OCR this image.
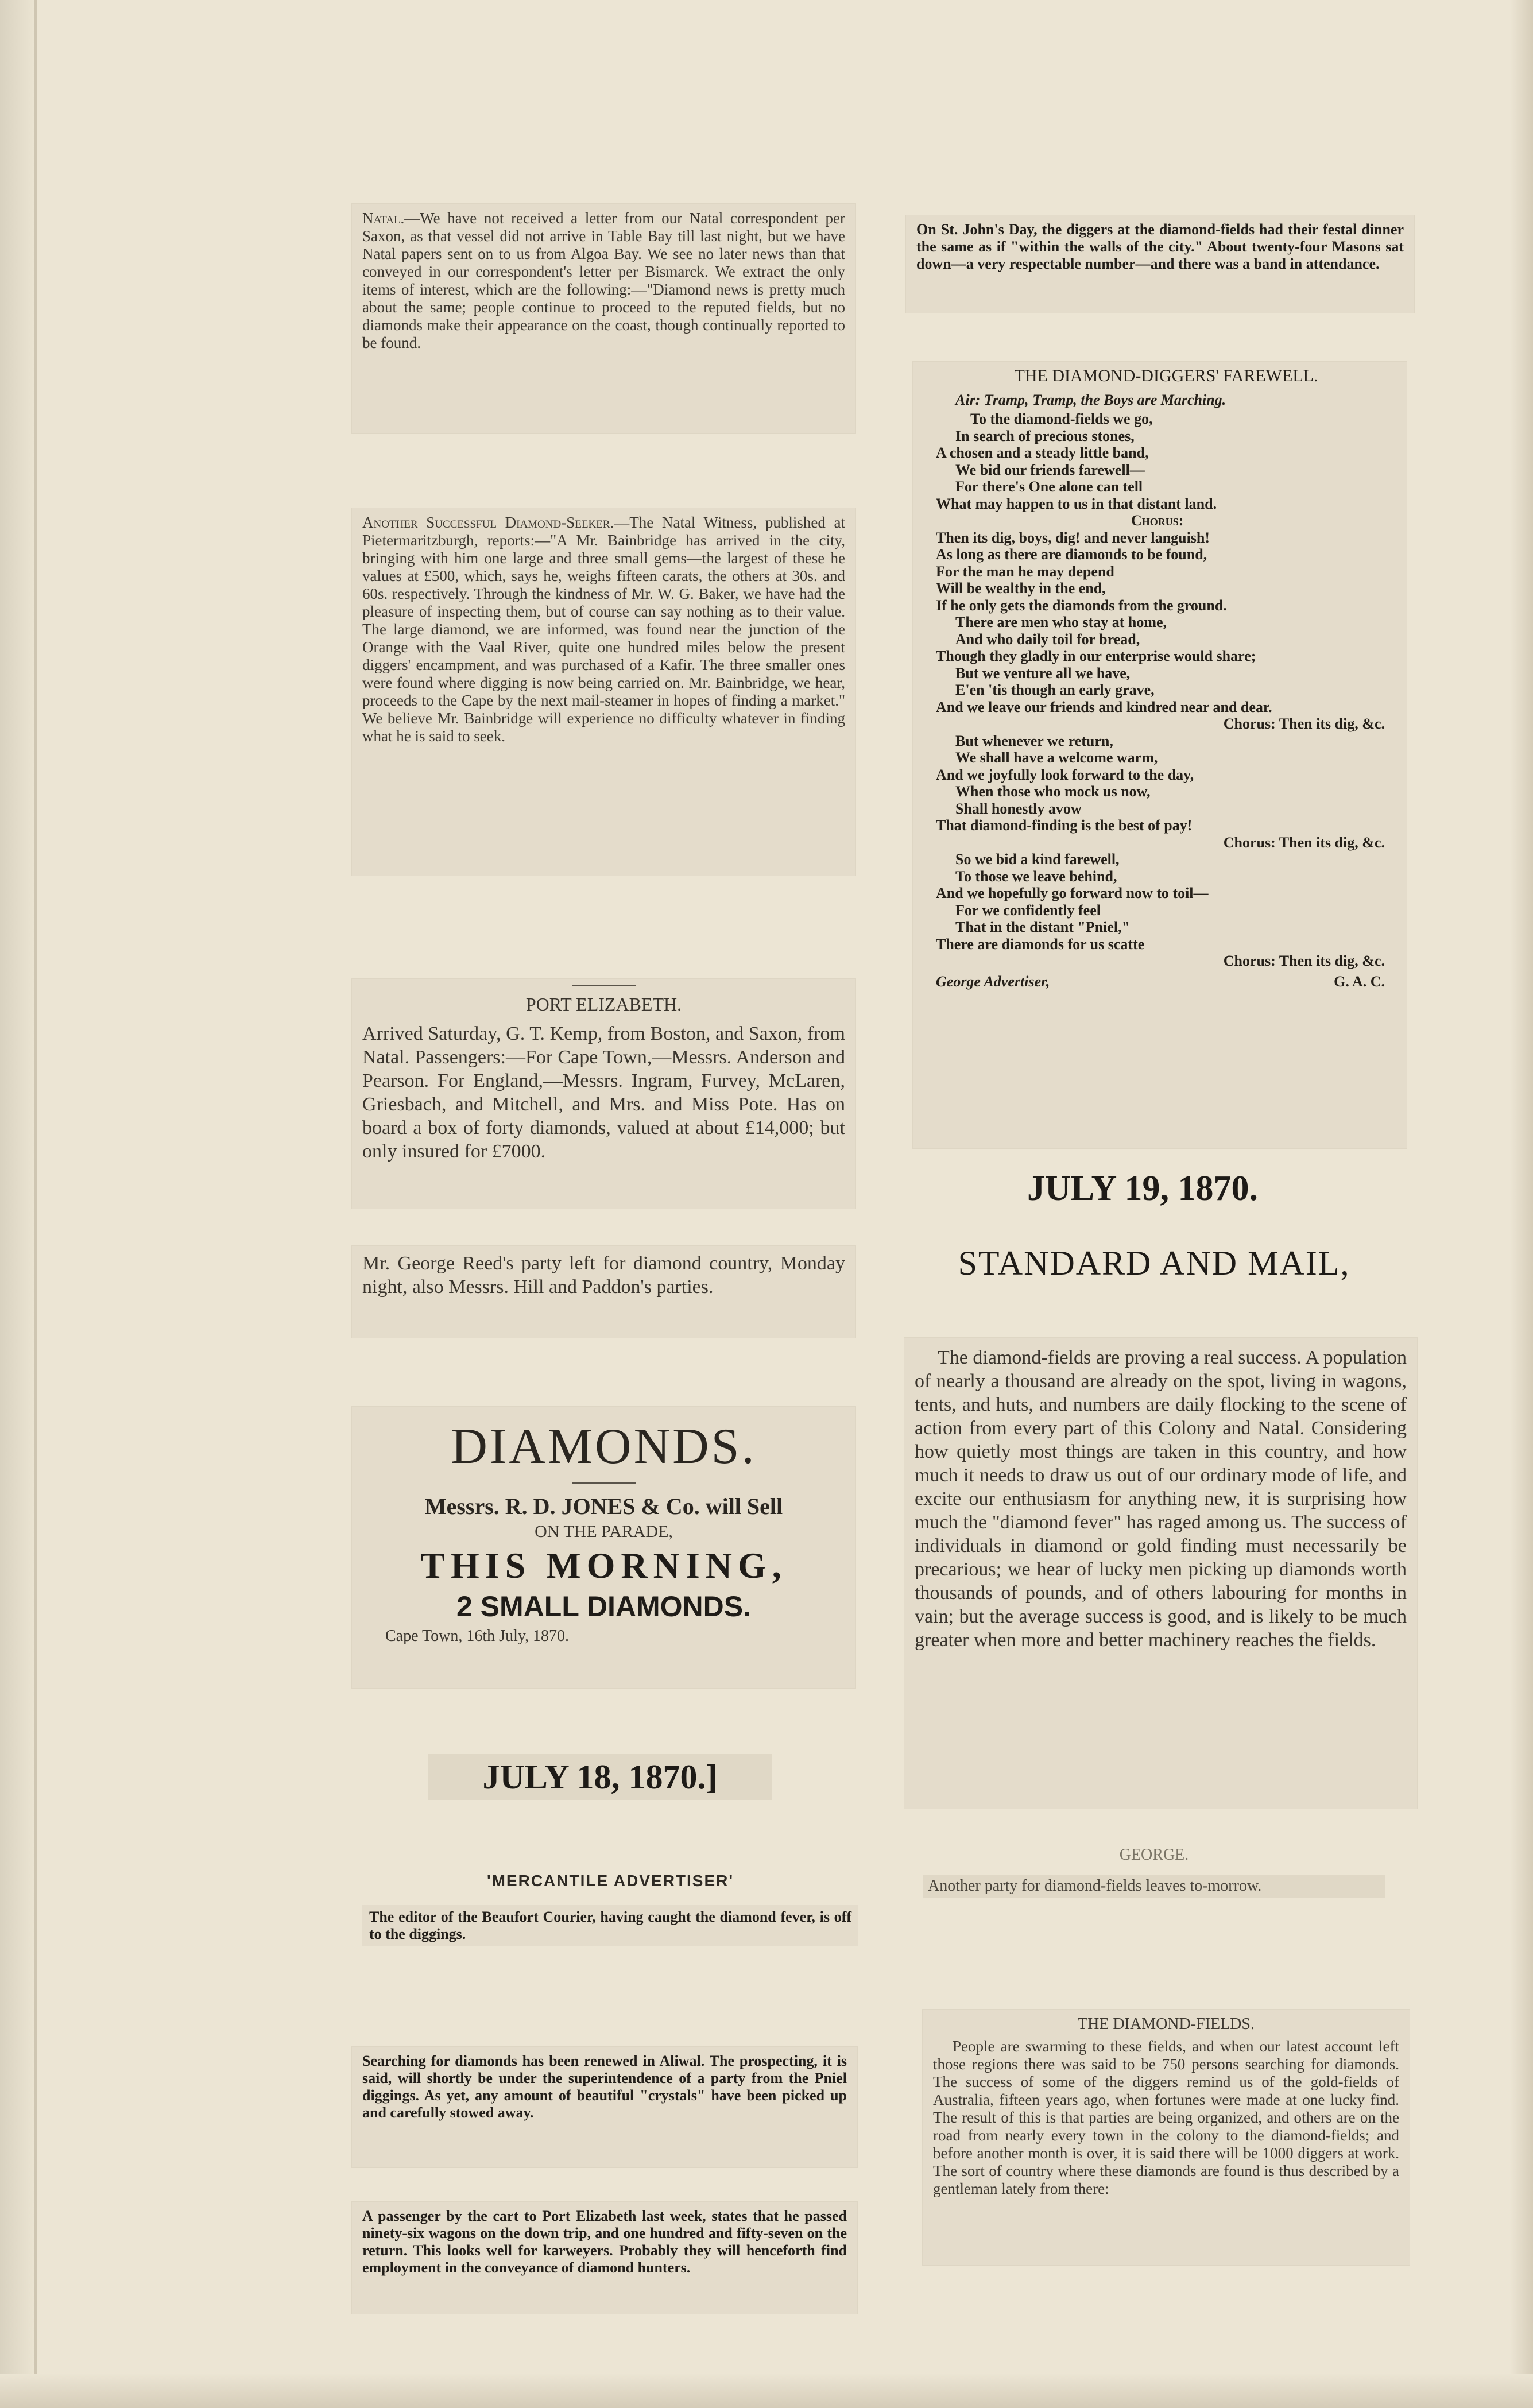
Natal.—We have not received a letter from our Natal correspondent per Saxon, as that vessel did not arrive in Table Bay till last night, but we have Natal papers sent on to us from Algoa Bay. We see no later news than that conveyed in our correspondent's letter per Bismarck. We extract the only items of interest, which are the following:—"Diamond news is pretty much about the same; people continue to proceed to the reputed fields, but no diamonds make their appearance on the coast, though continually reported to be found.

Another Successful Diamond-Seeker.—The Natal Witness, published at Pietermaritzburgh, reports:—"A Mr. Bainbridge has arrived in the city, bringing with him one large and three small gems—the largest of these he values at £500, which, says he, weighs fifteen carats, the others at 30s. and 60s. respectively. Through the kindness of Mr. W. G. Baker, we have had the pleasure of inspecting them, but of course can say nothing as to their value. The large diamond, we are informed, was found near the junction of the Orange with the Vaal River, quite one hundred miles below the present diggers' encampment, and was purchased of a Kafir. The three smaller ones were found where digging is now being carried on. Mr. Bainbridge, we hear, proceeds to the Cape by the next mail-steamer in hopes of finding a market." We believe Mr. Bainbridge will experience no difficulty whatever in finding what he is said to seek.

PORT ELIZABETH.

Arrived Saturday, G. T. Kemp, from Boston, and Saxon, from Natal. Passengers:—For Cape Town,—Messrs. Anderson and Pearson. For England,—Messrs. Ingram, Furvey, McLaren, Griesbach, and Mitchell, and Mrs. and Miss Pote. Has on board a box of forty diamonds, valued at about £14,000; but only insured for £7000.

Mr. George Reed's party left for diamond country, Monday night, also Messrs. Hill and Paddon's parties.

DIAMONDS.
Messrs. R. D. JONES & Co. will Sell
ON THE PARADE,
THIS MORNING,
2 SMALL DIAMONDS.
Cape Town, 16th July, 1870.
JULY 18, 1870.]

'MERCANTILE ADVERTISER'

The editor of the Beaufort Courier, having caught the diamond fever, is off to the diggings.

Searching for diamonds has been renewed in Aliwal. The prospecting, it is said, will shortly be under the superintendence of a party from the Pniel diggings. As yet, any amount of beautiful "crystals" have been picked up and carefully stowed away.

A passenger by the cart to Port Elizabeth last week, states that he passed ninety-six wagons on the down trip, and one hundred and fifty-seven on the return. This looks well for karweyers. Probably they will henceforth find employment in the conveyance of diamond hunters.

On St. John's Day, the diggers at the diamond-fields had their festal dinner the same as if "within the walls of the city." About twenty-four Masons sat down—a very respectable number—and there was a band in attendance.

THE DIAMOND-DIGGERS' FAREWELL.
Air: Tramp, Tramp, the Boys are Marching.
To the diamond-fields we go,
In search of precious stones,
A chosen and a steady little band,
We bid our friends farewell—
For there's One alone can tell
What may happen to us in that distant land.
Chorus:
Then its dig, boys, dig! and never languish!
As long as there are diamonds to be found,
For the man he may depend
Will be wealthy in the end,
If he only gets the diamonds from the ground.
There are men who stay at home,
And who daily toil for bread,
Though they gladly in our enterprise would share;
But we venture all we have,
E'en 'tis though an early grave,
And we leave our friends and kindred near and dear.
Chorus: Then its dig, &c.
But whenever we return,
We shall have a welcome warm,
And we joyfully look forward to the day,
When those who mock us now,
Shall honestly avow
That diamond-finding is the best of pay!
Chorus: Then its dig, &c.
So we bid a kind farewell,
To those we leave behind,
And we hopefully go forward now to toil—
For we confidently feel
That in the distant "Pniel,"
There are diamonds for us scatte
Chorus: Then its dig, &c.
George Advertiser,	G. A. C.
JULY 19, 1870.
STANDARD AND MAIL,

The diamond-fields are proving a real success. A population of nearly a thousand are already on the spot, living in wagons, tents, and huts, and numbers are daily flocking to the scene of action from every part of this Colony and Natal. Considering how quietly most things are taken in this country, and how much it needs to draw us out of our ordinary mode of life, and excite our enthusiasm for anything new, it is surprising how much the "diamond fever" has raged among us. The success of individuals in diamond or gold finding must necessarily be precarious; we hear of lucky men picking up diamonds worth thousands of pounds, and of others labouring for months in vain; but the average success is good, and is likely to be much greater when more and better machinery reaches the fields.

GEORGE.

Another party for diamond-fields leaves to-morrow.

THE DIAMOND-FIELDS.

People are swarming to these fields, and when our latest account left those regions there was said to be 750 persons searching for diamonds. The success of some of the diggers remind us of the gold-fields of Australia, fifteen years ago, when fortunes were made at one lucky find. The result of this is that parties are being organized, and others are on the road from nearly every town in the colony to the diamond-fields; and before another month is over, it is said there will be 1000 diggers at work. The sort of country where these diamonds are found is thus described by a gentleman lately from there:
